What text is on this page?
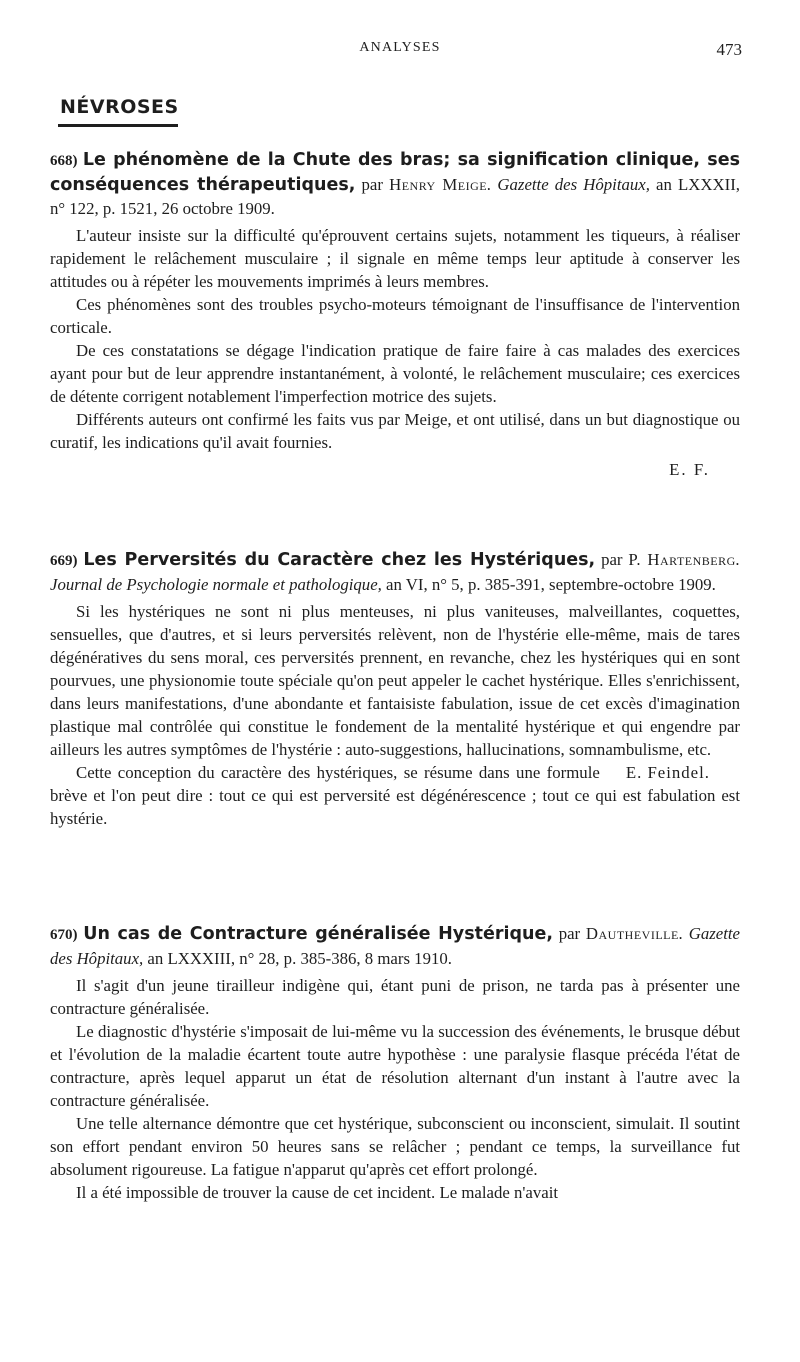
ANALYSES	473
NÉVROSES

668) Le phénomène de la Chute des bras; sa signification clinique, ses conséquences thérapeutiques, par Henry Meige. Gazette des Hôpitaux, an LXXXII, n° 122, p. 1521, 26 octobre 1909.

L'auteur insiste sur la difficulté qu'éprouvent certains sujets, notamment les tiqueurs, à réaliser rapidement le relâchement musculaire ; il signale en même temps leur aptitude à conserver les attitudes ou à répéter les mouvements imprimés à leurs membres.

Ces phénomènes sont des troubles psycho-moteurs témoignant de l'insuffisance de l'intervention corticale.

De ces constatations se dégage l'indication pratique de faire faire à cas malades des exercices ayant pour but de leur apprendre instantanément, à volonté, le relâchement musculaire; ces exercices de détente corrigent notablement l'imperfection motrice des sujets.

Différents auteurs ont confirmé les faits vus par Meige, et ont utilisé, dans un but diagnostique ou curatif, les indications qu'il avait fournies.

E. F.

669) Les Perversités du Caractère chez les Hystériques, par P. Hartenberg. Journal de Psychologie normale et pathologique, an VI, n° 5, p. 385-391, septembre-octobre 1909.

Si les hystériques ne sont ni plus menteuses, ni plus vaniteuses, malveillantes, coquettes, sensuelles, que d'autres, et si leurs perversités relèvent, non de l'hystérie elle-même, mais de tares dégénératives du sens moral, ces perversités prennent, en revanche, chez les hystériques qui en sont pourvues, une physionomie toute spéciale qu'on peut appeler le cachet hystérique. Elles s'enrichissent, dans leurs manifestations, d'une abondante et fantaisiste fabulation, issue de cet excès d'imagination plastique mal contrôlée qui constitue le fondement de la mentalité hystérique et qui engendre par ailleurs les autres symptômes de l'hystérie : auto-suggestions, hallucinations, somnambulisme, etc.

E. Feindel.
Cette conception du caractère des hystériques, se résume dans une formule brève et l'on peut dire : tout ce qui est perversité est dégénérescence ; tout ce qui est fabulation est hystérie.

670) Un cas de Contracture généralisée Hystérique, par Dautheville. Gazette des Hôpitaux, an LXXXIII, n° 28, p. 385-386, 8 mars 1910.

Il s'agit d'un jeune tirailleur indigène qui, étant puni de prison, ne tarda pas à présenter une contracture généralisée.

Le diagnostic d'hystérie s'imposait de lui-même vu la succession des événements, le brusque début et l'évolution de la maladie écartent toute autre hypothèse : une paralysie flasque précéda l'état de contracture, après lequel apparut un état de résolution alternant d'un instant à l'autre avec la contracture généralisée.

Une telle alternance démontre que cet hystérique, subconscient ou inconscient, simulait. Il soutint son effort pendant environ 50 heures sans se relâcher ; pendant ce temps, la surveillance fut absolument rigoureuse. La fatigue n'apparut qu'après cet effort prolongé.

Il a été impossible de trouver la cause de cet incident. Le malade n'avait
